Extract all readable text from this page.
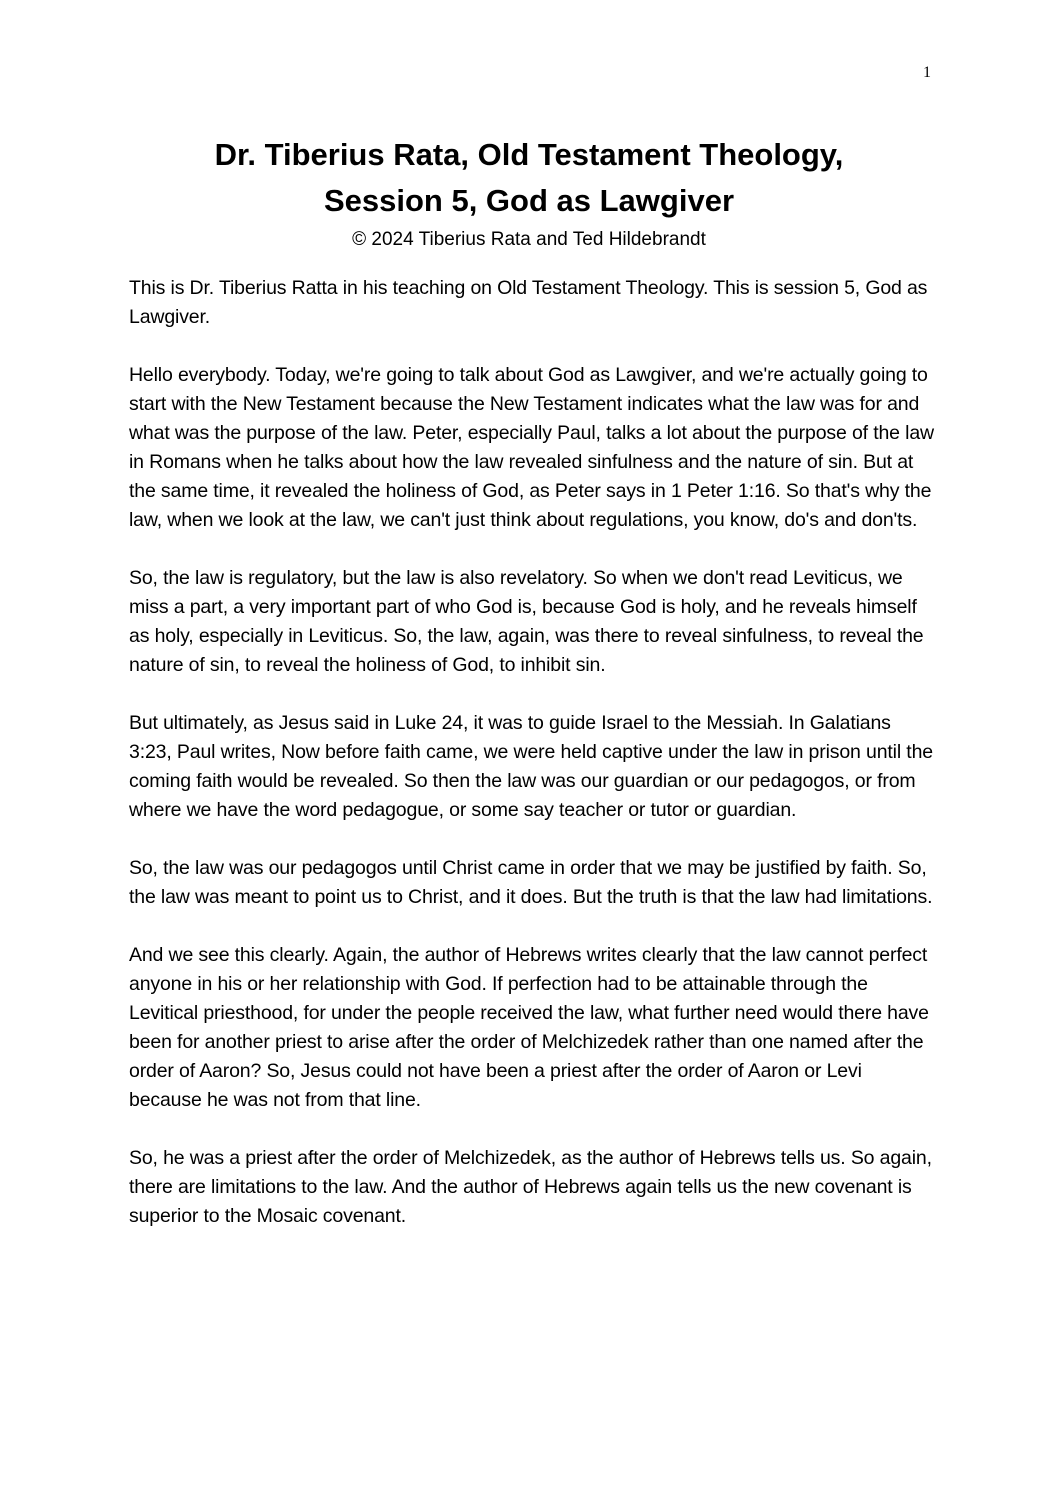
1
Dr. Tiberius Rata, Old Testament Theology,
Session 5, God as Lawgiver
© 2024 Tiberius Rata and Ted Hildebrandt

This is Dr. Tiberius Ratta in his teaching on Old Testament Theology. This is session 5, God as Lawgiver.

Hello everybody. Today, we're going to talk about God as Lawgiver, and we're actually going to start with the New Testament because the New Testament indicates what the law was for and what was the purpose of the law. Peter, especially Paul, talks a lot about the purpose of the law in Romans when he talks about how the law revealed sinfulness and the nature of sin. But at the same time, it revealed the holiness of God, as Peter says in 1 Peter 1:16. So that's why the law, when we look at the law, we can't just think about regulations, you know, do's and don'ts.

So, the law is regulatory, but the law is also revelatory. So when we don't read Leviticus, we miss a part, a very important part of who God is, because God is holy, and he reveals himself as holy, especially in Leviticus. So, the law, again, was there to reveal sinfulness, to reveal the nature of sin, to reveal the holiness of God, to inhibit sin.

But ultimately, as Jesus said in Luke 24, it was to guide Israel to the Messiah. In Galatians 3:23, Paul writes, Now before faith came, we were held captive under the law in prison until the coming faith would be revealed. So then the law was our guardian or our pedagogos, or from where we have the word pedagogue, or some say teacher or tutor or guardian.

So, the law was our pedagogos until Christ came in order that we may be justified by faith. So, the law was meant to point us to Christ, and it does. But the truth is that the law had limitations.

And we see this clearly. Again, the author of Hebrews writes clearly that the law cannot perfect anyone in his or her relationship with God. If perfection had to be attainable through the Levitical priesthood, for under the people received the law, what further need would there have been for another priest to arise after the order of Melchizedek rather than one named after the order of Aaron? So, Jesus could not have been a priest after the order of Aaron or Levi because he was not from that line.

So, he was a priest after the order of Melchizedek, as the author of Hebrews tells us. So again, there are limitations to the law. And the author of Hebrews again tells us the new covenant is superior to the Mosaic covenant.
